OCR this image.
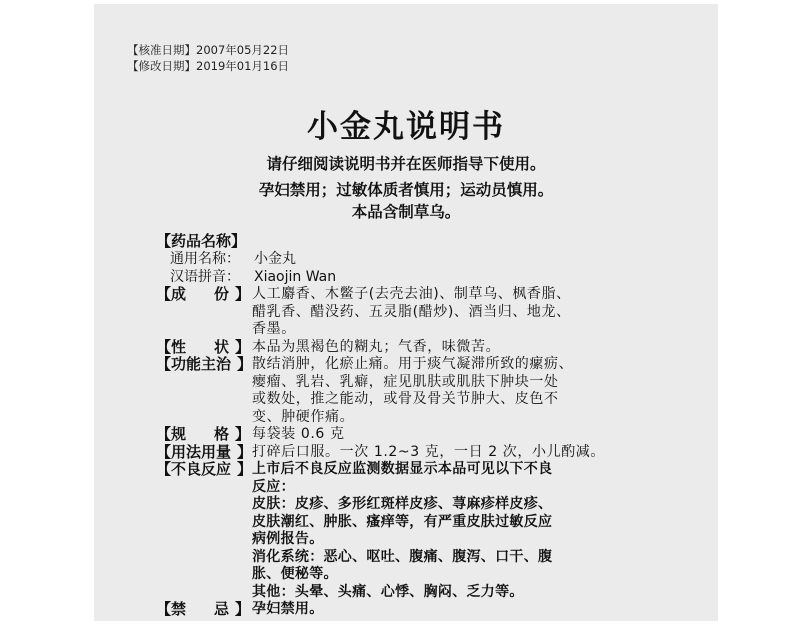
【核准日期】2007年05月22日
【修改日期】2019年01月16日
小金丸说明书
请仔细阅读说明书并在医师指导下使用。
孕妇禁用；过敏体质者慎用；运动员慎用。
本品含制草乌。
【药品名称】
通用名称：	小金丸
汉语拼音：	Xiaojin Wan
【 成 份 】 人工麝香、木鳖子(去壳去油)、制草乌、枫香脂、
醋乳香、醋没药、五灵脂(醋炒)、酒当归、地龙、
香墨。
【 性 状 】 本品为黑褐色的糊丸；气香，味微苦。
【 功能主治 】 散结消肿，化瘀止痛。用于痰气凝滞所致的瘰疬、
瘿瘤、乳岩、乳癖，症见肌肤或肌肤下肿块一处
或数处，推之能动，或骨及骨关节肿大、皮色不
变、肿硬作痛。
【 规 格 】 每袋装 0.6 克
【 用法用量 】 打碎后口服。一次 1.2~3 克，一日 2 次，小儿酌减。
【 不良反应 】 上市后不良反应监测数据显示本品可见以下不良
反应：
皮肤：皮疹、多形红斑样皮疹、荨麻疹样皮疹、
皮肤潮红、肿胀、瘙痒等，有严重皮肤过敏反应
病例报告。
消化系统：恶心、呕吐、腹痛、腹泻、口干、腹
胀、便秘等。
其他：头晕、头痛、心悸、胸闷、乏力等。
【 禁 忌 】 孕妇禁用。
